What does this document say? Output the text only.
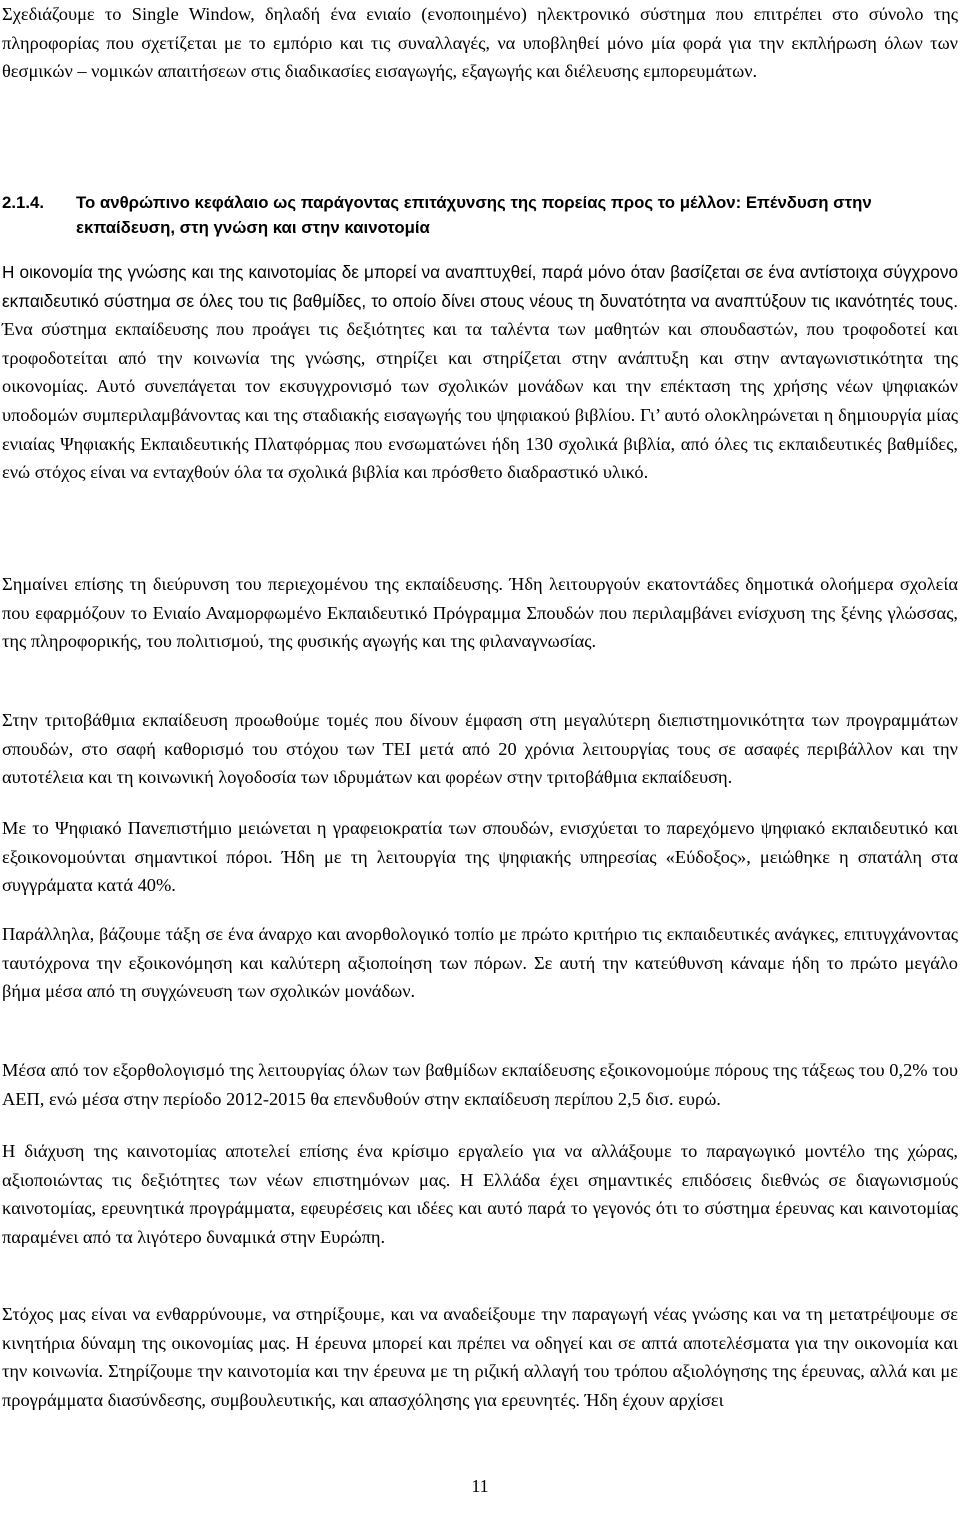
Σχεδιάζουμε το Single Window, δηλαδή ένα ενιαίο (ενοποιημένο) ηλεκτρονικό σύστημα που επιτρέπει στο σύνολο της πληροφορίας που σχετίζεται με το εμπόριο και τις συναλλαγές, να υποβληθεί μόνο μία φορά για την εκπλήρωση όλων των θεσμικών – νομικών απαιτήσεων στις διαδικασίες εισαγωγής, εξαγωγής και διέλευσης εμπορευμάτων.

2.1.4.	Το ανθρώπινο κεφάλαιο ως παράγοντας επιτάχυνσης της πορείας προς το μέλλον: Επένδυση στην εκπαίδευση, στη γνώση και στην καινοτομία

Η οικονομία της γνώσης και της καινοτομίας δε μπορεί να αναπτυχθεί, παρά μόνο όταν βασίζεται σε ένα αντίστοιχα σύγχρονο εκπαιδευτικό σύστημα σε όλες του τις βαθμίδες, το οποίο δίνει στους νέους τη δυνατότητα να αναπτύξουν τις ικανότητές τους. Ένα σύστημα εκπαίδευσης που προάγει τις δεξιότητες και τα ταλέντα των μαθητών και σπουδαστών, που τροφοδοτεί και τροφοδοτείται από την κοινωνία της γνώσης, στηρίζει και στηρίζεται στην ανάπτυξη και στην ανταγωνιστικότητα της οικονομίας. Αυτό συνεπάγεται τον εκσυγχρονισμό των σχολικών μονάδων και την επέκταση της χρήσης νέων ψηφιακών υποδομών συμπεριλαμβάνοντας και της σταδιακής εισαγωγής του ψηφιακού βιβλίου. Γι’ αυτό ολοκληρώνεται η δημιουργία μίας ενιαίας Ψηφιακής Εκπαιδευτικής Πλατφόρμας που ενσωματώνει ήδη 130 σχολικά βιβλία, από όλες τις εκπαιδευτικές βαθμίδες, ενώ στόχος είναι να ενταχθούν όλα τα σχολικά βιβλία και πρόσθετο διαδραστικό υλικό.

Σημαίνει επίσης τη διεύρυνση του περιεχομένου της εκπαίδευσης. Ήδη λειτουργούν εκατοντάδες δημοτικά ολοήμερα σχολεία που εφαρμόζουν το Ενιαίο Αναμορφωμένο Εκπαιδευτικό Πρόγραμμα Σπουδών που περιλαμβάνει ενίσχυση της ξένης γλώσσας, της πληροφορικής, του πολιτισμού, της φυσικής αγωγής και της φιλαναγνωσίας.

Στην τριτοβάθμια εκπαίδευση προωθούμε τομές που δίνουν έμφαση στη μεγαλύτερη διεπιστημονικότητα των προγραμμάτων σπουδών, στο σαφή καθορισμό του στόχου των ΤΕΙ μετά από 20 χρόνια λειτουργίας τους σε ασαφές περιβάλλον και την αυτοτέλεια και τη κοινωνική λογοδοσία των ιδρυμάτων και φορέων στην τριτοβάθμια εκπαίδευση.

Με το Ψηφιακό Πανεπιστήμιο μειώνεται η γραφειοκρατία των σπουδών, ενισχύεται το παρεχόμενο ψηφιακό εκπαιδευτικό και εξοικονομούνται σημαντικοί πόροι. Ήδη με τη λειτουργία της ψηφιακής υπηρεσίας «Εύδοξος», μειώθηκε η σπατάλη στα συγγράματα κατά 40%.

Παράλληλα, βάζουμε τάξη σε ένα άναρχο και ανορθολογικό τοπίο με πρώτο κριτήριο τις εκπαιδευτικές ανάγκες, επιτυγχάνοντας ταυτόχρονα την εξοικονόμηση και καλύτερη αξιοποίηση των πόρων. Σε αυτή την κατεύθυνση κάναμε ήδη το πρώτο μεγάλο βήμα μέσα από τη συγχώνευση των σχολικών μονάδων.

Μέσα από τον εξορθολογισμό της λειτουργίας όλων των βαθμίδων εκπαίδευσης εξοικονομούμε πόρους της τάξεως του 0,2% του ΑΕΠ, ενώ μέσα στην περίοδο 2012-2015 θα επενδυθούν στην εκπαίδευση περίπου 2,5 δισ. ευρώ.

Η διάχυση της καινοτομίας αποτελεί επίσης ένα κρίσιμο εργαλείο για να αλλάξουμε το παραγωγικό μοντέλο της χώρας, αξιοποιώντας τις δεξιότητες των νέων επιστημόνων μας. Η Ελλάδα έχει σημαντικές επιδόσεις διεθνώς σε διαγωνισμούς καινοτομίας, ερευνητικά προγράμματα, εφευρέσεις και ιδέες και αυτό παρά το γεγονός ότι το σύστημα έρευνας και καινοτομίας παραμένει από τα λιγότερο δυναμικά στην Ευρώπη.

Στόχος μας είναι να ενθαρρύνουμε, να στηρίξουμε, και να αναδείξουμε την παραγωγή νέας γνώσης και να τη μετατρέψουμε σε κινητήρια δύναμη της οικονομίας μας. Η έρευνα μπορεί και πρέπει να οδηγεί και σε απτά αποτελέσματα για την οικονομία και την κοινωνία. Στηρίζουμε την καινοτομία και την έρευνα με τη ριζική αλλαγή του τρόπου αξιολόγησης της έρευνας, αλλά και με προγράμματα διασύνδεσης, συμβουλευτικής, και απασχόλησης για ερευνητές. Ήδη έχουν αρχίσει

11
